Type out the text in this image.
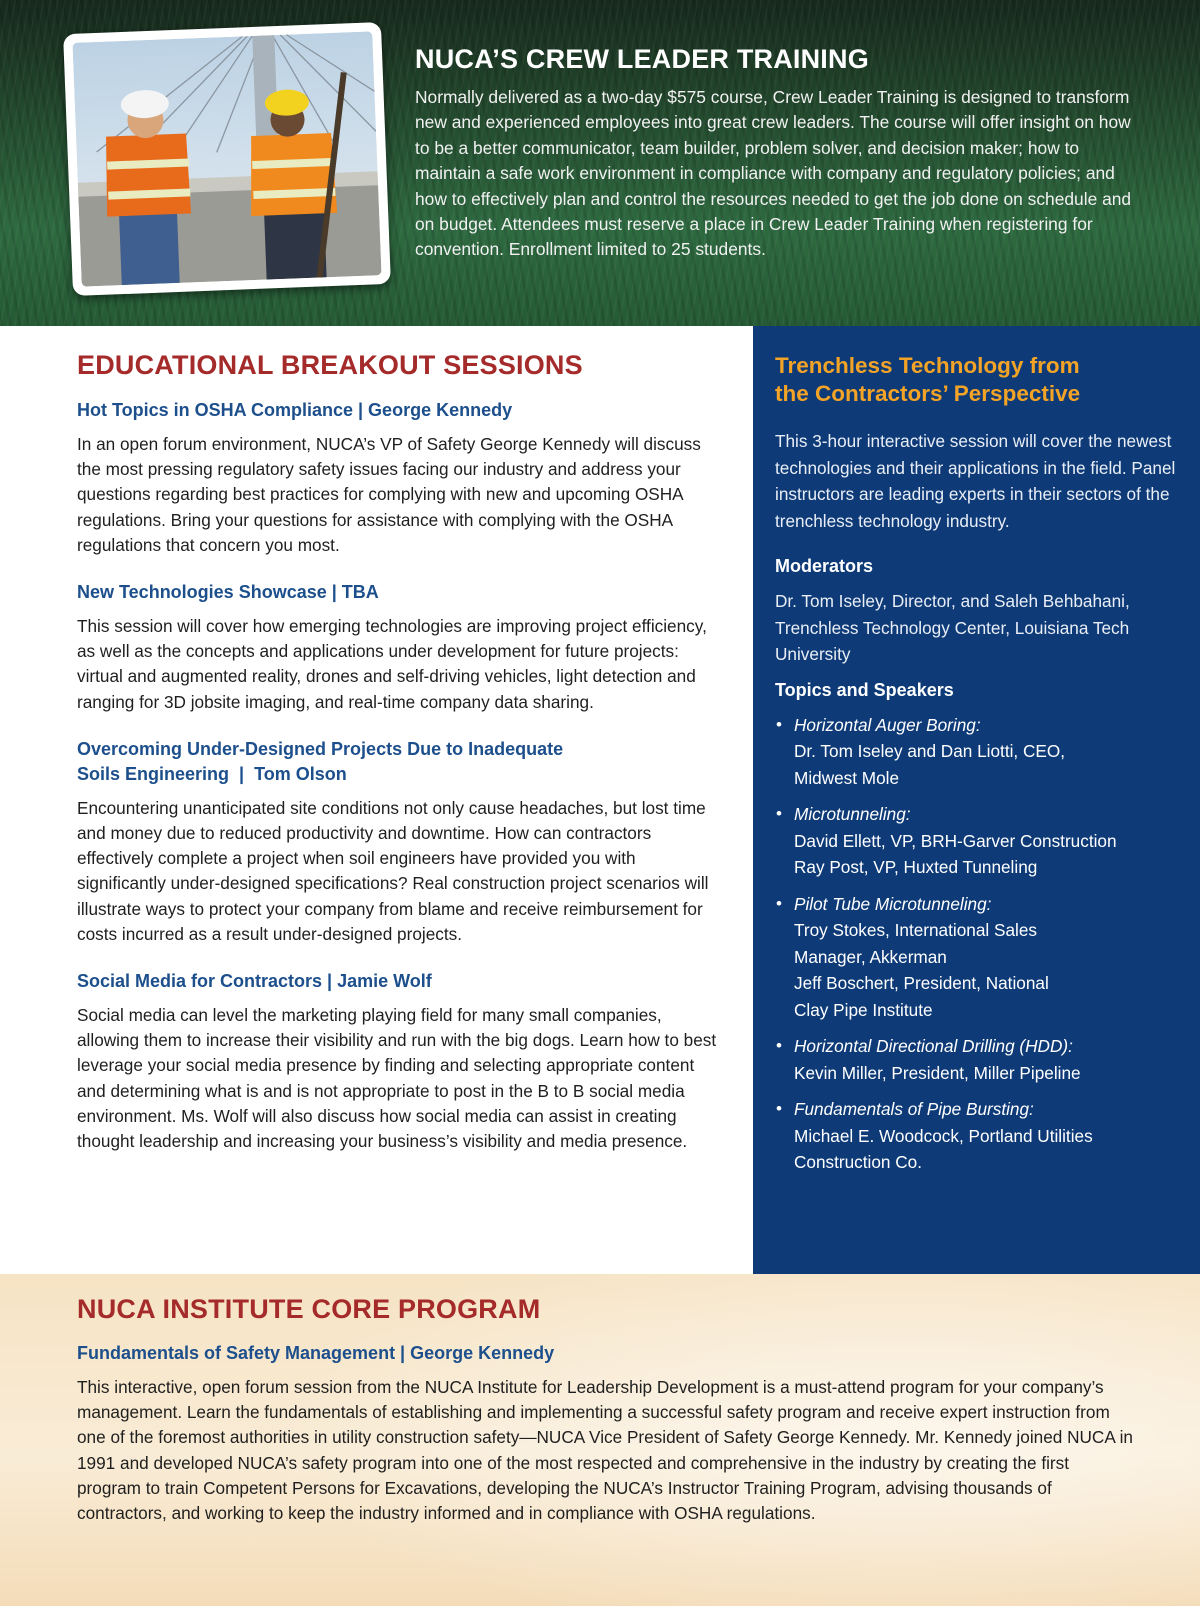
NUCA’S CREW LEADER TRAINING

Normally delivered as a two-day $575 course, Crew Leader Training is designed to transform new and experienced employees into great crew leaders. The course will offer insight on how to be a better communicator, team builder, problem solver, and decision maker; how to maintain a safe work environment in compliance with company and regulatory policies; and how to effectively plan and control the resources needed to get the job done on schedule and on budget. Attendees must reserve a place in Crew Leader Training when registering for convention. Enrollment limited to 25 students.

EDUCATIONAL BREAKOUT SESSIONS
Hot Topics in OSHA Compliance | George Kennedy

In an open forum environment, NUCA’s VP of Safety George Kennedy will discuss the most pressing regulatory safety issues facing our industry and address your questions regarding best practices for complying with new and upcoming OSHA regulations. Bring your questions for assistance with complying with the OSHA regulations that concern you most.

New Technologies Showcase | TBA

This session will cover how emerging technologies are improving project efficiency, as well as the concepts and applications under development for future projects: virtual and augmented reality, drones and self-driving vehicles, light detection and ranging for 3D jobsite imaging, and real-time company data sharing.

Overcoming Under-Designed Projects Due to Inadequate
Soils Engineering  |  Tom Olson

Encountering unanticipated site conditions not only cause headaches, but lost time and money due to reduced productivity and downtime. How can contractors effectively complete a project when soil engineers have provided you with significantly under-designed specifications? Real construction project scenarios will illustrate ways to protect your company from blame and receive reimbursement for costs incurred as a result under-designed projects.

Social Media for Contractors | Jamie Wolf

Social media can level the marketing playing field for many small companies, allowing them to increase their visibility and run with the big dogs. Learn how to best leverage your social media presence by finding and selecting appropriate content and determining what is and is not appropriate to post in the B to B social media environment. Ms. Wolf will also discuss how social media can assist in creating thought leadership and increasing your business’s visibility and media presence.

Trenchless Technology from
the Contractors’ Perspective

This 3-hour interactive session will cover the newest technologies and their applications in the field. Panel instructors are leading experts in their sectors of the trenchless technology industry.

Moderators

Dr. Tom Iseley, Director, and Saleh Behbahani, Trenchless Technology Center, Louisiana Tech University

Topics and Speakers
• Horizontal Auger Boring:
Dr. Tom Iseley and Dan Liotti, CEO,
Midwest Mole
• Microtunneling:
David Ellett, VP, BRH-Garver Construction
Ray Post, VP, Huxted Tunneling
• Pilot Tube Microtunneling:
Troy Stokes, International Sales
Manager, Akkerman
Jeff Boschert, President, National
Clay Pipe Institute
• Horizontal Directional Drilling (HDD):
Kevin Miller, President, Miller Pipeline
• Fundamentals of Pipe Bursting:
Michael E. Woodcock, Portland Utilities
Construction Co.
NUCA INSTITUTE CORE PROGRAM
Fundamentals of Safety Management | George Kennedy

This interactive, open forum session from the NUCA Institute for Leadership Development is a must-attend program for your company’s management. Learn the fundamentals of establishing and implementing a successful safety program and receive expert instruction from one of the foremost authorities in utility construction safety—NUCA Vice President of Safety George Kennedy. Mr. Kennedy joined NUCA in 1991 and developed NUCA’s safety program into one of the most respected and comprehensive in the industry by creating the first program to train Competent Persons for Excavations, developing the NUCA’s Instructor Training Program, advising thousands of contractors, and working to keep the industry informed and in compliance with OSHA regulations.
